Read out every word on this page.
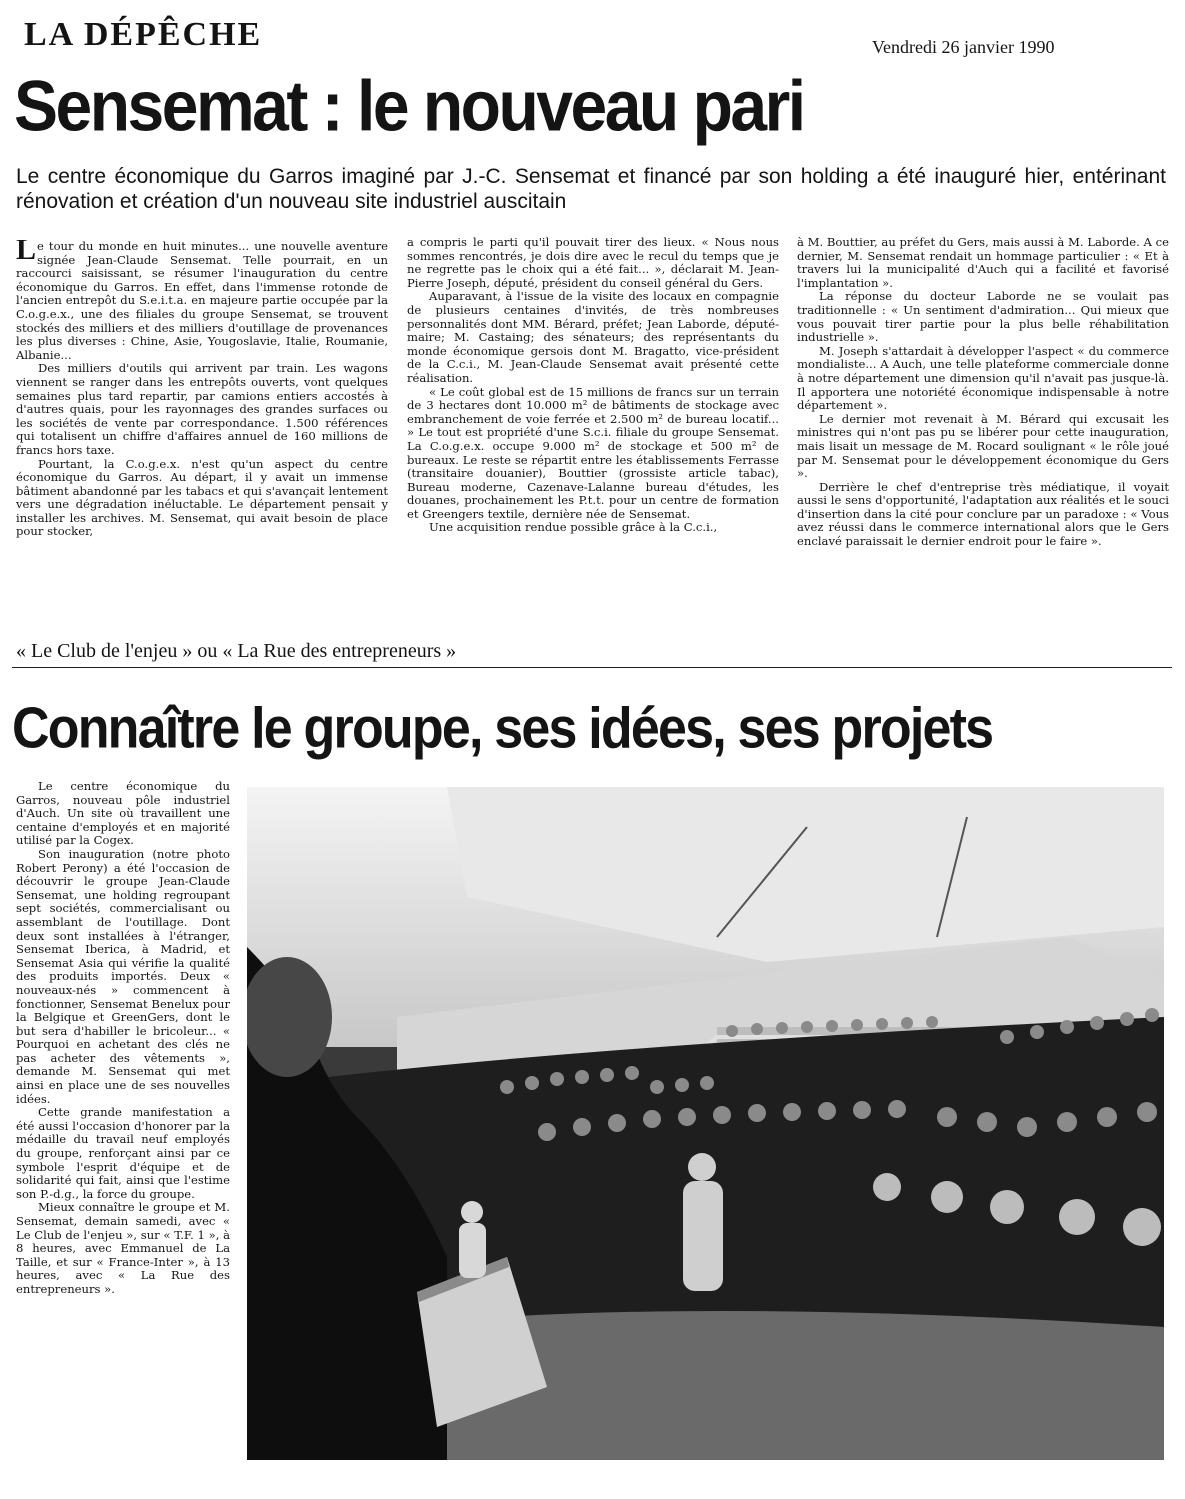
LA DÉPÊCHE	Vendredi 26 janvier 1990
Sensemat : le nouveau pari
Le centre économique du Garros imaginé par J.-C. Sensemat et financé par son holding a été inauguré hier, entérinant rénovation et création d'un nouveau site industriel auscitain

Le tour du monde en huit minutes... une nouvelle aventure signée Jean-Claude Sensemat. Telle pourrait, en un raccourci saisissant, se résumer l'inauguration du centre économique du Garros. En effet, dans l'immense rotonde de l'ancien entrepôt du S.e.i.t.a. en majeure partie occupée par la C.o.g.e.x., une des filiales du groupe Sensemat, se trouvent stockés des milliers et des milliers d'outillage de provenances les plus diverses : Chine, Asie, Yougoslavie, Italie, Roumanie, Albanie...

Des milliers d'outils qui arrivent par train. Les wagons viennent se ranger dans les entrepôts ouverts, vont quelques semaines plus tard repartir, par camions entiers accostés à d'autres quais, pour les rayonnages des grandes surfaces ou les sociétés de vente par correspondance. 1.500 références qui totalisent un chiffre d'affaires annuel de 160 millions de francs hors taxe.

Pourtant, la C.o.g.e.x. n'est qu'un aspect du centre économique du Garros. Au départ, il y avait un immense bâtiment abandonné par les tabacs et qui s'avançait lentement vers une dégradation inéluctable. Le département pensait y installer les archives. M. Sensemat, qui avait besoin de place pour stocker,

a compris le parti qu'il pouvait tirer des lieux. « Nous nous sommes rencontrés, je dois dire avec le recul du temps que je ne regrette pas le choix qui a été fait... », déclarait M. Jean-Pierre Joseph, député, président du conseil général du Gers.

Auparavant, à l'issue de la visite des locaux en compagnie de plusieurs centaines d'invités, de très nombreuses personnalités dont MM. Bérard, préfet; Jean Laborde, député-maire; M. Castaing; des sénateurs; des représentants du monde économique gersois dont M. Bragatto, vice-président de la C.c.i., M. Jean-Claude Sensemat avait présenté cette réalisation.

« Le coût global est de 15 millions de francs sur un terrain de 3 hectares dont 10.000 m² de bâtiments de stockage avec embranchement de voie ferrée et 2.500 m² de bureau locatif... » Le tout est propriété d'une S.c.i. filiale du groupe Sensemat. La C.o.g.e.x. occupe 9.000 m² de stockage et 500 m² de bureaux. Le reste se répartit entre les établissements Ferrasse (transitaire douanier), Bouttier (grossiste article tabac), Bureau moderne, Cazenave-Lalanne bureau d'études, les douanes, prochainement les P.t.t. pour un centre de formation et Greengers textile, dernière née de Sensemat.

Une acquisition rendue possible grâce à la C.c.i.,

à M. Bouttier, au préfet du Gers, mais aussi à M. Laborde. A ce dernier, M. Sensemat rendait un hommage particulier : « Et à travers lui la municipalité d'Auch qui a facilité et favorisé l'implantation ».

La réponse du docteur Laborde ne se voulait pas traditionnelle : « Un sentiment d'admiration... Qui mieux que vous pouvait tirer partie pour la plus belle réhabilitation industrielle ».

M. Joseph s'attardait à développer l'aspect « du commerce mondialiste... A Auch, une telle plateforme commerciale donne à notre département une dimension qu'il n'avait pas jusque-là. Il apportera une notoriété économique indispensable à notre département ».

Le dernier mot revenait à M. Bérard qui excusait les ministres qui n'ont pas pu se libérer pour cette inauguration, mais lisait un message de M. Rocard soulignant « le rôle joué par M. Sensemat pour le développement économique du Gers ».

Derrière le chef d'entreprise très médiatique, il voyait aussi le sens d'opportunité, l'adaptation aux réalités et le souci d'insertion dans la cité pour conclure par un paradoxe : « Vous avez réussi dans le commerce international alors que le Gers enclavé paraissait le dernier endroit pour le faire ».

« Le Club de l'enjeu » ou « La Rue des entrepreneurs »
Connaître le groupe, ses idées, ses projets

Le centre économique du Garros, nouveau pôle industriel d'Auch. Un site où travaillent une centaine d'employés et en majorité utilisé par la Cogex.

Son inauguration (notre photo Robert Perony) a été l'occasion de découvrir le groupe Jean-Claude Sensemat, une holding regroupant sept sociétés, commercialisant ou assemblant de l'outillage. Dont deux sont installées à l'étranger, Sensemat Iberica, à Madrid, et Sensemat Asia qui vérifie la qualité des produits importés. Deux « nouveaux-nés » commencent à fonctionner, Sensemat Benelux pour la Belgique et GreenGers, dont le but sera d'habiller le bricoleur... « Pourquoi en achetant des clés ne pas acheter des vêtements », demande M. Sensemat qui met ainsi en place une de ses nouvelles idées.

Cette grande manifestation a été aussi l'occasion d'honorer par la médaille du travail neuf employés du groupe, renforçant ainsi par ce symbole l'esprit d'équipe et de solidarité qui fait, ainsi que l'estime son P.-d.g., la force du groupe.

Mieux connaître le groupe et M. Sensemat, demain samedi, avec « Le Club de l'enjeu », sur « T.F. 1 », à 8 heures, avec Emmanuel de La Taille, et sur « France-Inter », à 13 heures, avec « La Rue des entrepreneurs ».
